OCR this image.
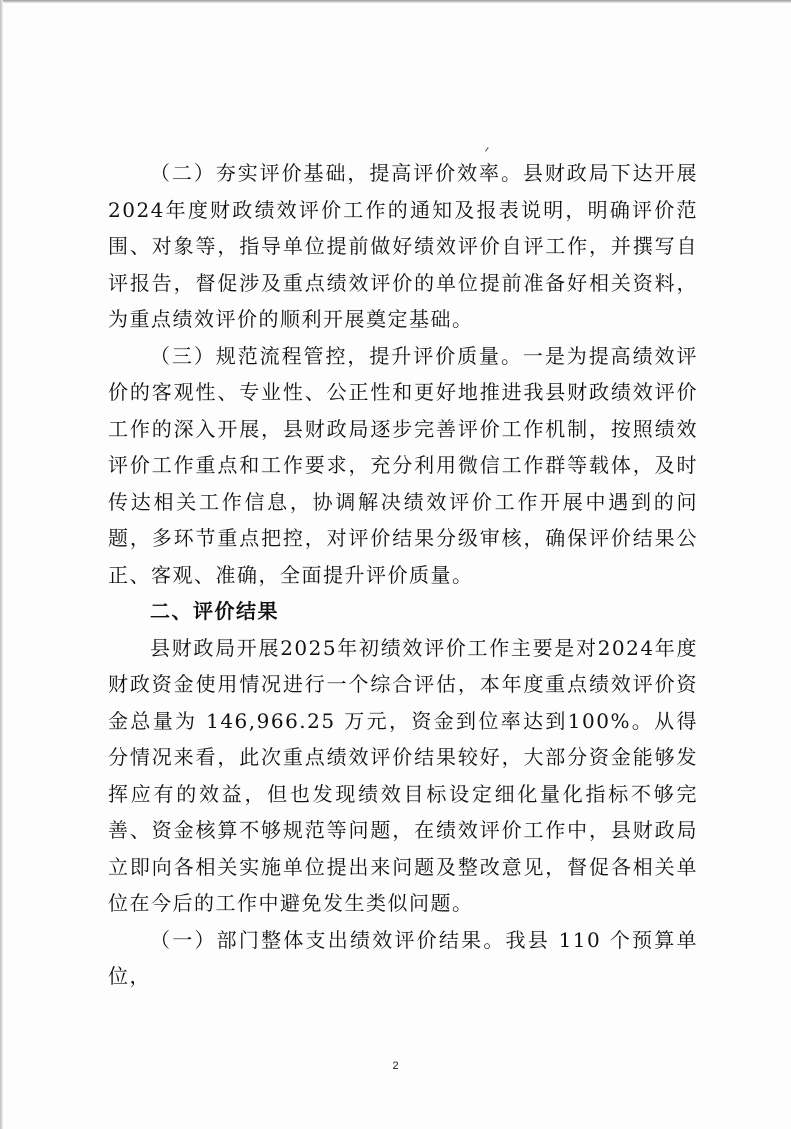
（二）夯实评价基础，提高评价效率。县财政局下达开展2024年度财政绩效评价工作的通知及报表说明，明确评价范围、对象等，指导单位提前做好绩效评价自评工作，并撰写自评报告，督促涉及重点绩效评价的单位提前准备好相关资料，为重点绩效评价的顺利开展奠定基础。

（三）规范流程管控，提升评价质量。一是为提高绩效评价的客观性、专业性、公正性和更好地推进我县财政绩效评价工作的深入开展，县财政局逐步完善评价工作机制，按照绩效评价工作重点和工作要求，充分利用微信工作群等载体，及时传达相关工作信息，协调解决绩效评价工作开展中遇到的问题，多环节重点把控，对评价结果分级审核，确保评价结果公正、客观、准确，全面提升评价质量。

二、评价结果

县财政局开展2025年初绩效评价工作主要是对2024年度财政资金使用情况进行一个综合评估，本年度重点绩效评价资金总量为 146,966.25 万元，资金到位率达到100%。从得分情况来看，此次重点绩效评价结果较好，大部分资金能够发挥应有的效益，但也发现绩效目标设定细化量化指标不够完善、资金核算不够规范等问题，在绩效评价工作中，县财政局立即向各相关实施单位提出来问题及整改意见，督促各相关单位在今后的工作中避免发生类似问题。

（一）部门整体支出绩效评价结果。我县 110 个预算单位，

2
